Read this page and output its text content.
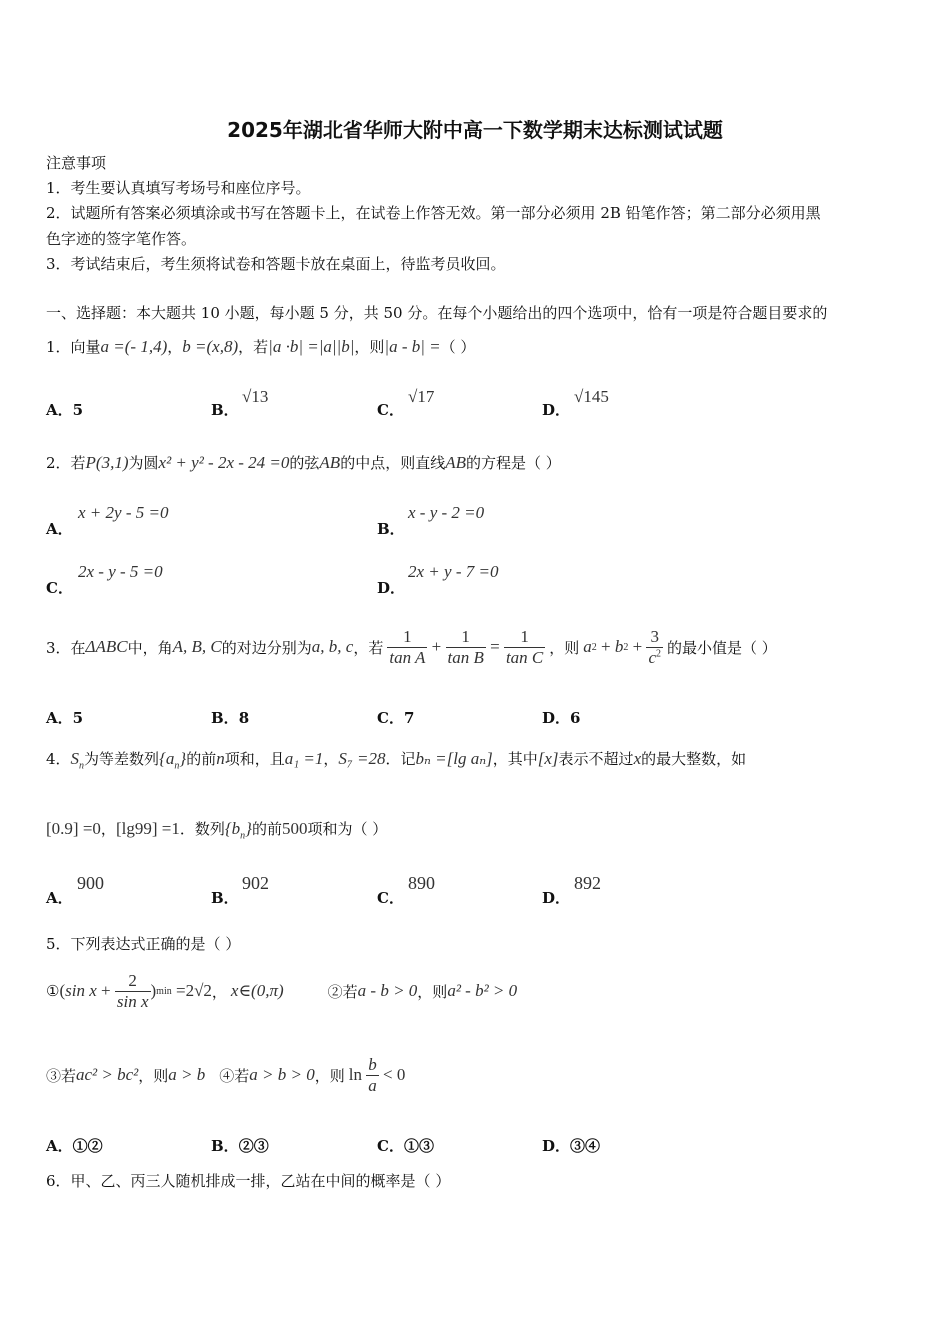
2025年湖北省华师大附中高一下数学期末达标测试试题
注意事项
1．考生要认真填写考场号和座位序号。
2．试题所有答案必须填涂或书写在答题卡上，在试卷上作答无效。第一部分必须用 2B 铅笔作答；第二部分必须用黑
色字迹的签字笔作答。
3．考试结束后，考生须将试卷和答题卡放在桌面上，待监考员收回。
一、选择题：本大题共 10 小题，每小题 5 分，共 50 分。在每个小题给出的四个选项中，恰有一项是符合题目要求的
1．向量a =(- 1,4)，b =(x,8)，若|a ·b| =|a||b|，则|a - b| =（ ）
A．5	B．
√13
C．
√17
D．
√145
2．若P(3,1)为圆x² + y² - 2x - 24 =0的弦AB的中点，则直线AB的方程是（ ）
A．
x + 2y - 5 =0
B．
x - y - 2 =0
C．
2x - y - 5 =0
D．
2x + y - 7 =0
3．在 ΔABC 中，角 A, B, C 的对边分别为 a, b, c ，若 $\frac{1}{\text{tan A}} + \frac{1}{\text{tan B}} = \frac{1}{\text{tan C}}$ ，则 a 2 + b $2 + \frac{3}{c^2}$ 的最小值是（ ）
A．5	B．8	C．7	D．6
4．$S_n$为等差数列$\{a_n\}$的前n项和，且a₁ =1，S₇ =28．记bₙ =[lg aₙ]，其中[x]表示不超过x的最大整数，如
[0.9] =0，[lg99] =1．数列$\{b_n\}$的前500项和为（ ）
A．
900
B．
902
C．
890
D．
892
5．下列表达式正确的是（ ）
① ( $\sin x + \frac{2}{\text{sin x}}$ ) min =2√2 ， x∈(0,π)	②若 a - b > 0 ，则 a² - b² > 0
③若 ac² > bc² ，则 a > b ④若 a > b > 0 ，则 $\ln \frac{b}{a} < 0$
A．①②	B．②③	C．①③	D．③④
6．甲、乙、丙三人随机排成一排，乙站在中间的概率是（ ）
